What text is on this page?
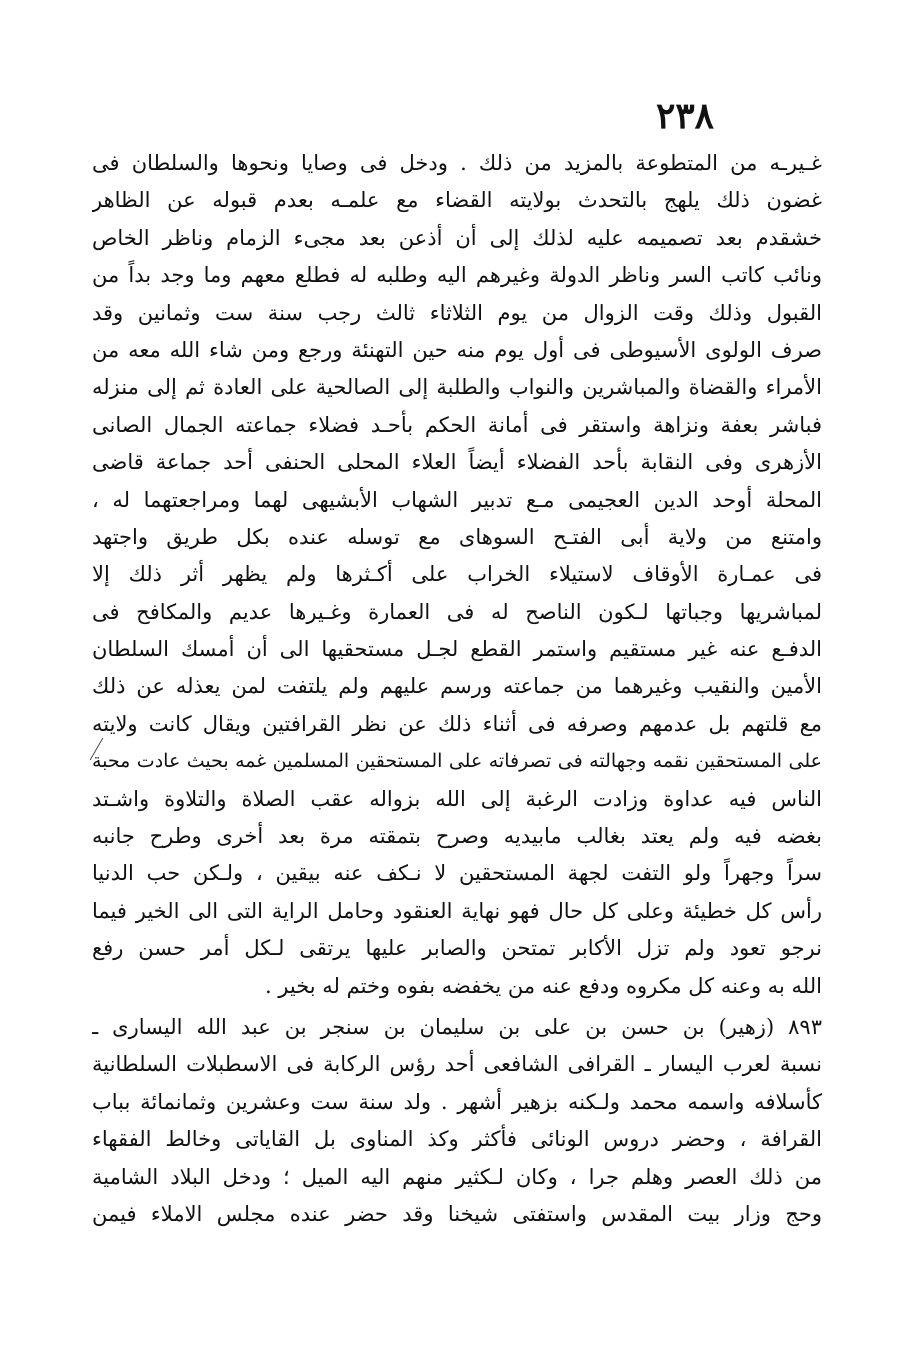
٢٣٨
غـيرـه من المتطوعة بالمزيد من ذلك . ودخل فى وصايا ونحوها والسلطان فى
غضون ذلك يلهج بالتحدث بولايته القضاء مع علمـه بعدم قبوله عن الظاهر
خشقدم بعد تصميمه عليه لذلك إلى أن أذعن بعد مجىء الزمام وناظر الخاص
ونائب كاتب السر وناظر الدولة وغيرهم اليه وطلبه له فطلع معهم وما وجد بداً من
القبول وذلك وقت الزوال من يوم الثلاثاء ثالث رجب سنة ست وثمانين وقد
صرف الولوى الأسيوطى فى أول يوم منه حين التهنئة ورجع ومن شاء الله معه من
الأمراء والقضاة والمباشرين والنواب والطلبة إلى الصالحية على العادة ثم إلى منزله
فباشر بعفة ونزاهة واستقر فى أمانة الحكم بأحـد فضلاء جماعته الجمال الصانى
الأزهرى وفى النقابة بأحد الفضلاء أيضاً العلاء المحلى الحنفى أحد جماعة قاضى
المحلة أوحد الدين العجيمى مـع تدبير الشهاب الأبشيهى لهما ومراجعتهما له ،
وامتنع من ولاية أبى الفتـح السوهاى مع توسله عنده بكل طريق واجتهد
فى عمـارة الأوقاف لاستيلاء الخراب على أكـثرها ولم يظهر أثر ذلك إلا
لمباشريها وجباتها لـكون الناصح له فى العمارة وغـيرها عديم والمكافح فى
الدفـع عنه غير مستقيم واستمر القطع لجـل مستحقيها الى أن أمسك السلطان
الأمين والنقيب وغيرهما من جماعته ورسم عليهم ولم يلتفت لمن يعذله عن ذلك
مع قلتهم بل عدمهم وصرفه فى أثناء ذلك عن نظر القرافتين ويقال كانت ولايته
على المستحقين نقمه وجهالته فى تصرفاته على المستحقين المسلمين غمه بحيث عادت محبة
الناس فيه عداوة وزادت الرغبة إلى الله بزواله عقب الصلاة والتلاوة واشـتد
بغضه فيه ولم يعتد بغالب مابيديه وصرح بتمقته مرة بعد أخرى وطرح جانبه
سراً وجهراً ولو التفت لجهة المستحقين لا نـكف عنه بيقين ، ولـكن حب الدنيا
رأس كل خطيئة وعلى كل حال فهو نهاية العنقود وحامل الراية التى الى الخير فيما
نرجو تعود ولم تزل الأكابر تمتحن والصابر عليها يرتقى لـكل أمر حسن رفع
الله به وعنه كل مكروه ودفع عنه من يخفضه بفوه وختم له بخير .
٨٩٣ (زهير) بن حسن بن على بن سليمان بن سنجر بن عبد الله اليسارى ـ
نسبة لعرب اليسار ـ القرافى الشافعى أحد رؤس الركابة فى الاسطبلات السلطانية
كأسلافه واسمه محمد ولـكنه بزهير أشهر . ولد سنة ست وعشرين وثمانمائة بباب
القرافة ، وحضر دروس الونائى فأكثر وكذ المناوى بل القاياتى وخالط الفقهاء
من ذلك العصر وهلم جرا ، وكان لـكثير منهم اليه الميل ؛ ودخل البلاد الشامية
وحج وزار بيت المقدس واستفتى شيخنا وقد حضر عنده مجلس الاملاء فيمن
